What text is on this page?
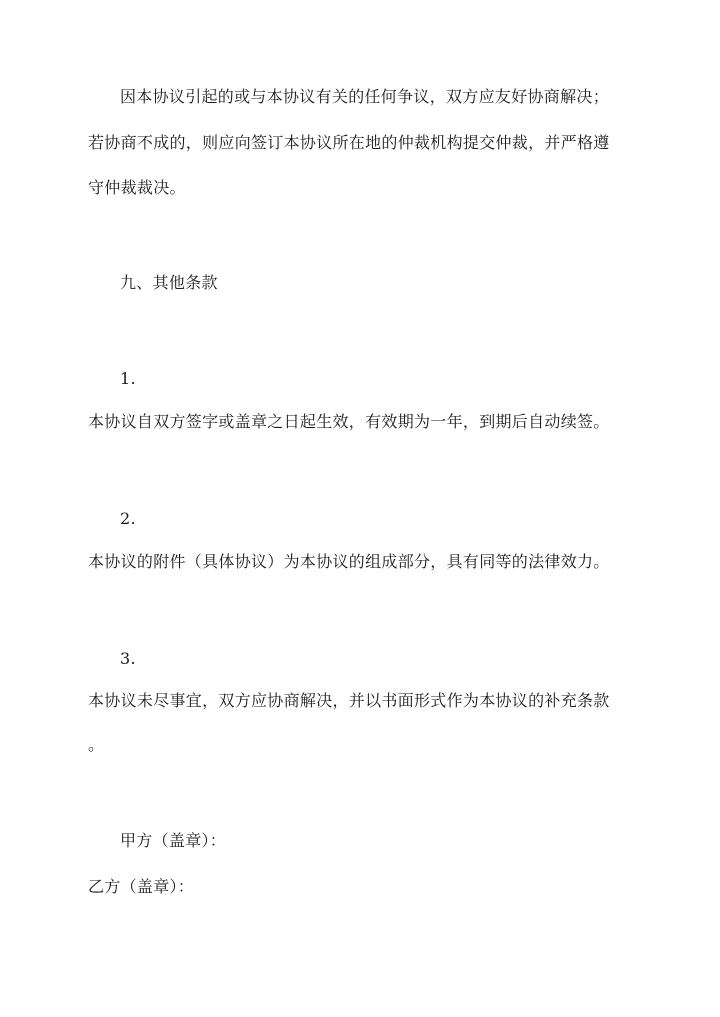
因本协议引起的或与本协议有关的任何争议，双方应友好协商解决；
若协商不成的，则应向签订本协议所在地的仲裁机构提交仲裁，并严格遵
守仲裁裁决。
九、其他条款
1.
本协议自双方签字或盖章之日起生效，有效期为一年，到期后自动续签。
2.
本协议的附件（具体协议）为本协议的组成部分，具有同等的法律效力。
3.
本协议未尽事宜，双方应协商解决，并以书面形式作为本协议的补充条款
。
甲方（盖章）：
乙方（盖章）：
